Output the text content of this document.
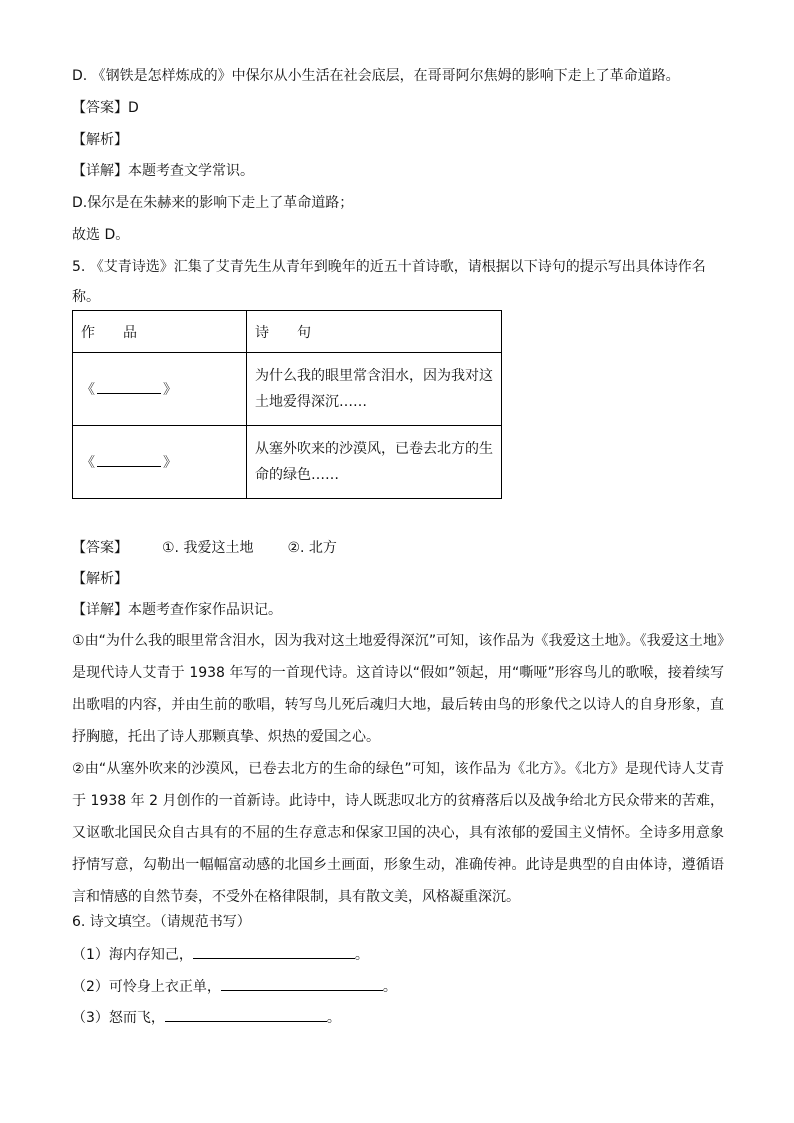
D. 《钢铁是怎样炼成的》中保尔从小生活在社会底层，在哥哥阿尔焦姆的影响下走上了革命道路。
【答案】D
【解析】
【详解】本题考查文学常识。
D.保尔是在朱赫来的影响下走上了革命道路；
故选 D。
5. 《艾青诗选》汇集了艾青先生从青年到晚年的近五十首诗歌，请根据以下诗句的提示写出具体诗作名
称。
作　　品	诗　　句
《 》	为什么我的眼里常含泪水，因为我对这土地爱得深沉……
《 》	从塞外吹来的沙漠风，已卷去北方的生命的绿色……
【答案】 ①. 我爱这土地 ②. 北方
【解析】
【详解】本题考查作家作品识记。
①由“为什么我的眼里常含泪水，因为我对这土地爱得深沉”可知，该作品为《我爱这土地》。《我爱这土地》是现代诗人艾青于 1938 年写的一首现代诗。这首诗以“假如”领起，用“嘶哑”形容鸟儿的歌喉，接着续写出歌唱的内容，并由生前的歌唱，转写鸟儿死后魂归大地，最后转由鸟的形象代之以诗人的自身形象，直抒胸臆，托出了诗人那颗真挚、炽热的爱国之心。
②由“从塞外吹来的沙漠风，已卷去北方的生命的绿色”可知，该作品为《北方》。《北方》是现代诗人艾青于 1938 年 2 月创作的一首新诗。此诗中，诗人既悲叹北方的贫瘠落后以及战争给北方民众带来的苦难，又讴歌北国民众自古具有的不屈的生存意志和保家卫国的决心，具有浓郁的爱国主义情怀。全诗多用意象抒情写意，勾勒出一幅幅富动感的北国乡土画面，形象生动，准确传神。此诗是典型的自由体诗，遵循语言和情感的自然节奏，不受外在格律限制，具有散文美，风格凝重深沉。
6. 诗文填空。（请规范书写）
（1）海内存知己，	。
（2）可怜身上衣正单，	。
（3）怒而飞，	。
